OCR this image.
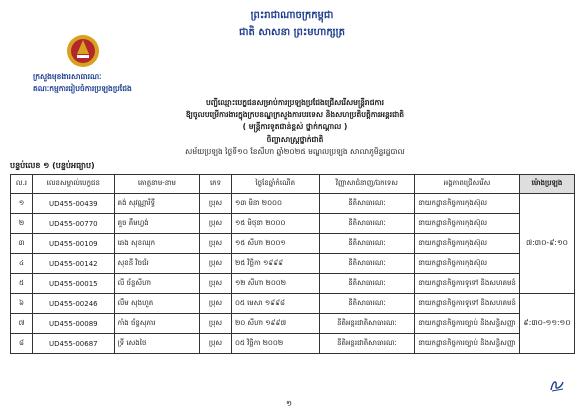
ព្រះរាជាណាចក្រកម្ពុជា
ជាតិ សាសនា ព្រះមហាក្សត្រ
ក្រសួងមុខងារសាធារណៈ
គណៈកម្មការរៀបចំការប្រឡងប្រជែង
បញ្ជីឈ្មោះបេក្ខជនសម្រាប់ការប្រឡងប្រជែងជ្រើសរើសមន្ត្រីរាជការ
ឱ្យចូលបម្រើការងារក្នុងក្របខណ្ឌក្រសួងការបរទេស និងសហប្រតិបត្តិការអន្តរជាតិ
( មន្ត្រីការទូតជាន់ខ្ពស់ ថ្នាក់កណ្ដាល )
ចិញ្ចាសាស្ត្រថ្នាក់ជាតិ
សម័យប្រឡង ថ្ងៃទី១០ ខែសីហា ឆ្នាំ២០២៥ មណ្ឌលប្រឡង សាលាភូមិន្ទរដ្ឋបាល
បន្ទប់លេខ ១ (បន្ទប់អធ្យាប)
ល.រ	លេខសម្គាល់បេក្ខជន	គោត្តនាម-នាម	ភេទ	ថ្ងៃខែឆ្នាំកំណើត	វិញ្ញាសាជំនាញ/ឯកទេស	អង្គភាពជ្រើសរើស	ម៉ោងប្រឡង
១	UD455-00439	គង់ សុវណ្ណារិទ្ធី	ប្រុស	១៣ មិនា ២០០០	នីតិសាធារណៈ	នាយកដ្ឋានកិច្ចការកុងស៊ុល	៧:៣០-៩:១០
២	UD455-00770	គួច គឹមហ្វង់	ប្រុស	១៥ មិថុនា ២០០០	នីតិសាធារណៈ	នាយកដ្ឋានកិច្ចការកុងស៊ុល	
៣	UD455-00109	ឆេង សុខឈុក	ប្រុស	១៥ សីហា ២០០១	នីតិសាធារណៈ	នាយកដ្ឋានកិច្ចការកុងស៊ុល	
៤	UD455-00142	សុខនី វិចជ័រ	ប្រុស	២៥ វិច្ឆិកា ១៩៩៩	នីតិសាធារណៈ	នាយកដ្ឋានកិច្ចការកុងស៊ុល	
៥	UD455-00015	លី ច័ន្ទសីហា	ប្រុស	១២ សីហា ២០០២	នីតិសាធារណៈ	នាយកដ្ឋានកិច្ចការទូទៅ និងសហគមន៍	
៦	UD455-00246	លឹម សុងហួត	ប្រុស	០៥ មេសា ១៩៩៨	នីតិសាធារណៈ	នាយកដ្ឋានកិច្ចការទូទៅ និងសហគមន៍	៩:៣០-១១:១០
៧	UD455-00089	កាំង ច័ន្ទសុភារ	ប្រុស	២០ សីហា ១៩៩៧	នីតិអន្តរជាតិសាធារណៈ	នាយកដ្ឋានកិច្ចការច្បាប់ និងសន្ធិសញ្ញា	
៨	UD455-00687	ទ្រី សេងថៃ	ប្រុស	០៥ វិច្ឆិកា ២០០២	នីតិអន្តរជាតិសាធារណៈ	នាយកដ្ឋានកិច្ចការច្បាប់ និងសន្ធិសញ្ញា	
១
